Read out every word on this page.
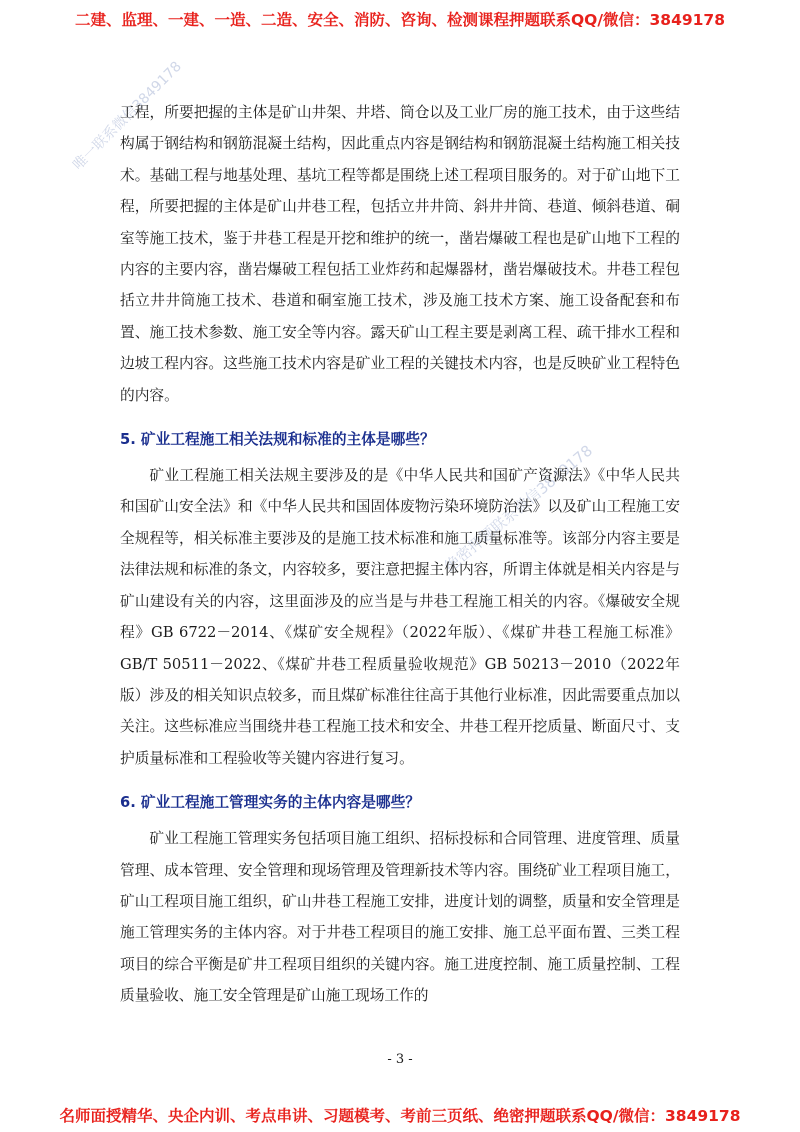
二建、监理、一建、一造、二造、安全、消防、咨询、检测课程押题联系QQ/微信：3849178
唯一联系微信3849178
绝密押题联系微信3849178

工程，所要把握的主体是矿山井架、井塔、筒仓以及工业厂房的施工技术，由于这些结构属于钢结构和钢筋混凝土结构，因此重点内容是钢结构和钢筋混凝土结构施工相关技术。基础工程与地基处理、基坑工程等都是围绕上述工程项目服务的。对于矿山地下工程，所要把握的主体是矿山井巷工程，包括立井井筒、斜井井筒、巷道、倾斜巷道、硐室等施工技术，鉴于井巷工程是开挖和维护的统一，凿岩爆破工程也是矿山地下工程的内容的主要内容，凿岩爆破工程包括工业炸药和起爆器材，凿岩爆破技术。井巷工程包括立井井筒施工技术、巷道和硐室施工技术，涉及施工技术方案、施工设备配套和布置、施工技术参数、施工安全等内容。露天矿山工程主要是剥离工程、疏干排水工程和边坡工程内容。这些施工技术内容是矿业工程的关键技术内容，也是反映矿业工程特色的内容。

5. 矿业工程施工相关法规和标准的主体是哪些？

矿业工程施工相关法规主要涉及的是《中华人民共和国矿产资源法》《中华人民共和国矿山安全法》和《中华人民共和国固体废物污染环境防治法》以及矿山工程施工安全规程等，相关标准主要涉及的是施工技术标准和施工质量标准等。该部分内容主要是法律法规和标准的条文，内容较多，要注意把握主体内容，所谓主体就是相关内容是与矿山建设有关的内容，这里面涉及的应当是与井巷工程施工相关的内容。《爆破安全规程》GB 6722－2014、《煤矿安全规程》（2022年版）、《煤矿井巷工程施工标准》GB/T 50511－2022、《煤矿井巷工程质量验收规范》GB 50213－2010（2022年版）涉及的相关知识点较多，而且煤矿标准往往高于其他行业标准，因此需要重点加以关注。这些标准应当围绕井巷工程施工技术和安全、井巷工程开挖质量、断面尺寸、支护质量标准和工程验收等关键内容进行复习。

6. 矿业工程施工管理实务的主体内容是哪些？

矿业工程施工管理实务包括项目施工组织、招标投标和合同管理、进度管理、质量管理、成本管理、安全管理和现场管理及管理新技术等内容。围绕矿业工程项目施工，矿山工程项目施工组织，矿山井巷工程施工安排，进度计划的调整，质量和安全管理是施工管理实务的主体内容。对于井巷工程项目的施工安排、施工总平面布置、三类工程项目的综合平衡是矿井工程项目组织的关键内容。施工进度控制、施工质量控制、工程质量验收、施工安全管理是矿山施工现场工作的

- 3 -
名师面授精华、央企内训、考点串讲、习题模考、考前三页纸、绝密押题联系QQ/微信：3849178
